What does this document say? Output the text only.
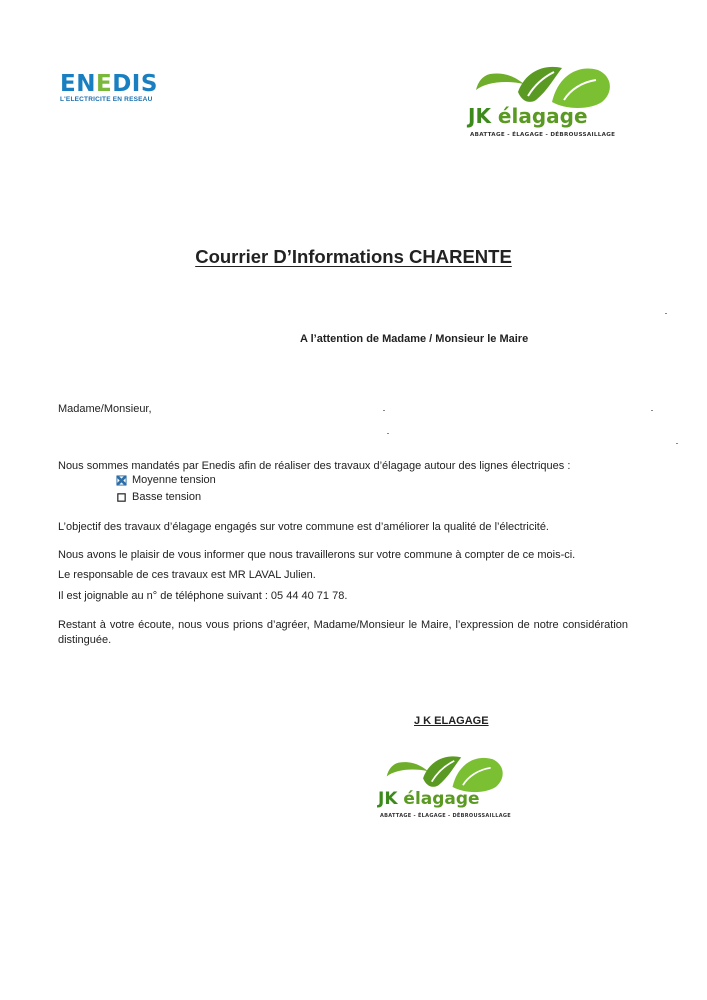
ENEDIS
L'ELECTRICITE EN RESEAU
JK élagage
ABATTAGE - ÉLAGAGE - DÉBROUSSAILLAGE
Courrier D’Informations CHARENTE
A l’attention de Madame / Monsieur le Maire
Madame/Monsieur,
Nous sommes mandatés par Enedis afin de réaliser des travaux d’élagage autour des lignes électriques :
Moyenne tension
Basse tension
L’objectif des travaux d’élagage engagés sur votre commune est d’améliorer la qualité de l’électricité.
Nous avons le plaisir de vous informer que nous travaillerons sur votre commune à compter de ce mois-ci.
Le responsable de ces travaux est MR LAVAL Julien.
Il est joignable au n° de téléphone suivant : 05 44 40 71 78.
Restant à votre écoute, nous vous prions d’agréer, Madame/Monsieur le Maire, l’expression de notre considération distinguée.
J K ELAGAGE
JK élagage
ABATTAGE - ÉLAGAGE - DÉBROUSSAILLAGE
